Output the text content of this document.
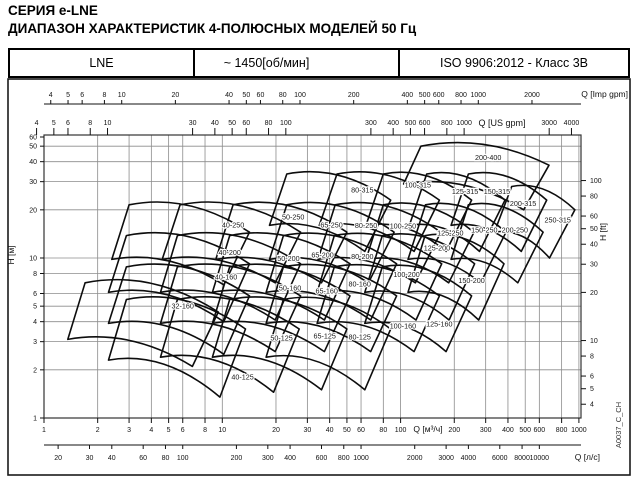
СЕРИЯ e-LNE
ДИАПАЗОН ХАРАКТЕРИСТИК 4-ПОЛЮСНЫХ МОДЕЛЕЙ 50 Гц
LNE	~ 1450[об/мин]	ISO 9906:2012 - Класс 3В
4 5 6	8 10	20	40 50 60 80 100	200	400 500 600 800 1000	2000	Q [Imp gpm]
4 5 6	8 10	30 40 50 60 80 100	300 400 500 600 800 1000	3000 4000
Q [US gpm]
1	2	3	4 5 6	8 10	20	30 40 50 60 80 100	200	300 400 500 600 800 1000
Q [м³/ч]
20	30 40	60 80 100	200	300 400	600 800 1000	2000 3000 4000 6000 8000 10000	Q [л/с]
1
2
3
4
5
6
8
10
20
30
40
50
60
H [м]
4
5
6
8
10
20
30
40
50
60
80
100
H [ft]
32-160
40-125
40-160
40-200
40-250
50-125
50-160
50-200
50-250
65-125
65-160
65-200
65-250
80-125
80-160
80-200
80-250
80-315
100-160
100-200
100-250
100-315
125-160
125-200
125-250
125-315
150-200
150-250
150-315
200-250
200-315
200-400
250-315
A0037_C_CH
